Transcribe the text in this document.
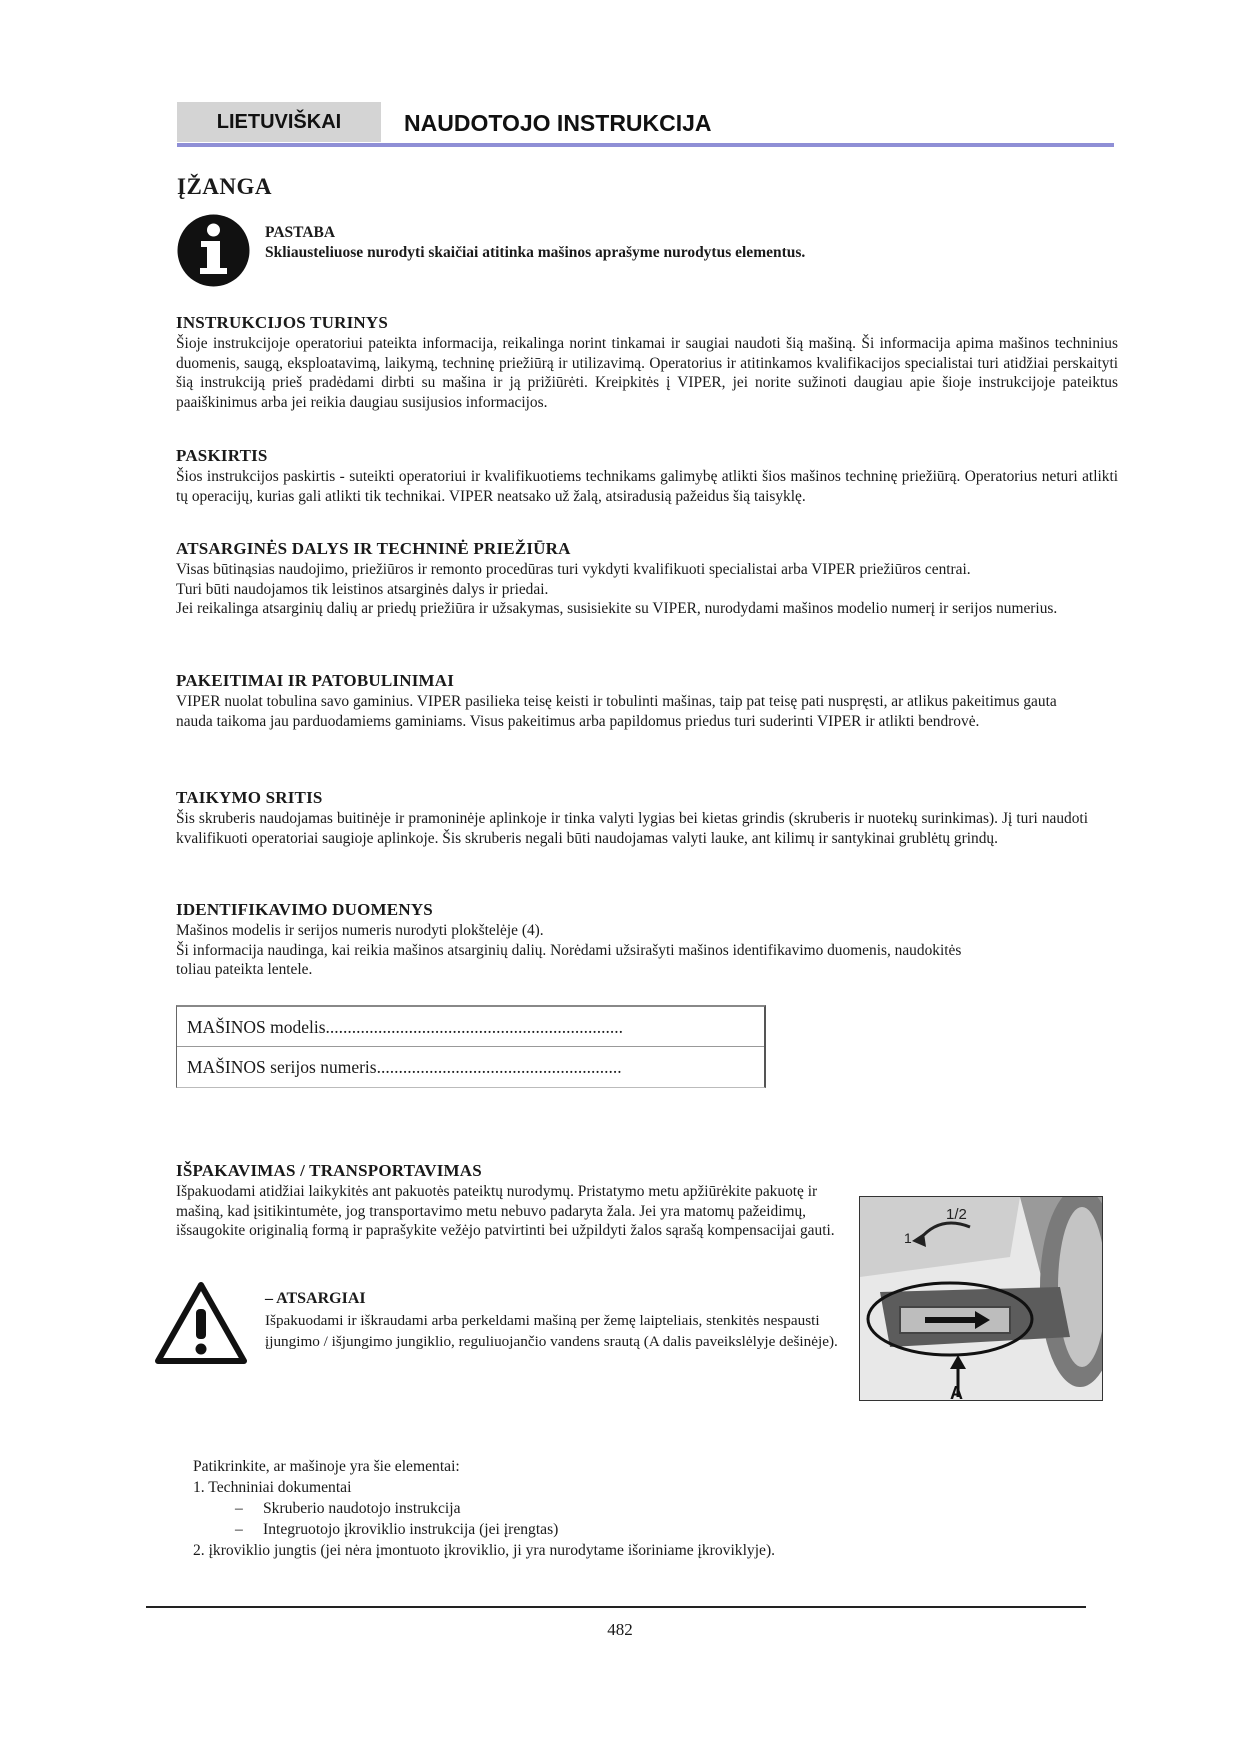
LIETUVIŠKAI	NAUDOTOJO INSTRUKCIJA
ĮŽANGA
PASTABA
Skliausteliuose nurodyti skaičiai atitinka mašinos aprašyme nurodytus elementus.
INSTRUKCIJOS TURINYS

Šioje instrukcijoje operatoriui pateikta informacija, reikalinga norint tinkamai ir saugiai naudoti šią mašiną. Ši informacija apima mašinos techninius duomenis, saugą, eksploatavimą, laikymą, techninę priežiūrą ir utilizavimą. Operatorius ir atitinkamos kvalifikacijos specialistai turi atidžiai perskaityti šią instrukciją prieš pradėdami dirbti su mašina ir ją prižiūrėti. Kreipkitės į VIPER, jei norite sužinoti daugiau apie šioje instrukcijoje pateiktus paaiškinimus arba jei reikia daugiau susijusios informacijos.

PASKIRTIS

Šios instrukcijos paskirtis - suteikti operatoriui ir kvalifikuotiems technikams galimybę atlikti šios mašinos techninę priežiūrą. Operatorius neturi atlikti tų operacijų, kurias gali atlikti tik technikai. VIPER neatsako už žalą, atsiradusią pažeidus šią taisyklę.

ATSARGINĖS DALYS IR TECHNINĖ PRIEŽIŪRA

Visas būtinąsias naudojimo, priežiūros ir remonto procedūras turi vykdyti kvalifikuoti specialistai arba VIPER priežiūros centrai.

Turi būti naudojamos tik leistinos atsarginės dalys ir priedai.

Jei reikalinga atsarginių dalių ar priedų priežiūra ir užsakymas, susisiekite su VIPER, nurodydami mašinos modelio numerį ir serijos numerius.

PAKEITIMAI IR PATOBULINIMAI

VIPER nuolat tobulina savo gaminius. VIPER pasilieka teisę keisti ir tobulinti mašinas, taip pat teisę pati nuspręsti, ar atlikus pakeitimus gauta nauda taikoma jau parduodamiems gaminiams. Visus pakeitimus arba papildomus priedus turi suderinti VIPER ir atlikti bendrovė.

TAIKYMO SRITIS

Šis skruberis naudojamas buitinėje ir pramoninėje aplinkoje ir tinka valyti lygias bei kietas grindis (skruberis ir nuotekų surinkimas). Jį turi naudoti kvalifikuoti operatoriai saugioje aplinkoje. Šis skruberis negali būti naudojamas valyti lauke, ant kilimų ir santykinai grublėtų grindų.

IDENTIFIKAVIMO DUOMENYS

Mašinos modelis ir serijos numeris nurodyti plokštelėje (4).

Ši informacija naudinga, kai reikia mašinos atsarginių dalių. Norėdami užsirašyti mašinos identifikavimo duomenis, naudokitės toliau pateikta lentele.

MAŠINOS modelis....................................................................
MAŠINOS serijos numeris........................................................
IŠPAKAVIMAS / TRANSPORTAVIMAS

Išpakuodami atidžiai laikykitės ant pakuotės pateiktų nurodymų. Pristatymo metu apžiūrėkite pakuotę ir mašiną, kad įsitikintumėte, jog transportavimo metu nebuvo padaryta žala. Jei yra matomų pažeidimų, išsaugokite originalią formą ir paprašykite vežėjo patvirtinti bei užpildyti žalos sąrašą kompensacijai gauti.

– ATSARGIAI

Išpakuodami ir iškraudami arba perkeldami mašiną per žemę laipteliais, stenkitės nespausti įjungimo / išjungimo jungiklio, reguliuojančio vandens srautą (A dalis paveikslėlyje dešinėje).

1/2
1
A
Patikrinkite, ar mašinoje yra šie elementai:
1. Techniniai dokumentai
– Skruberio naudotojo instrukcija
– Integruotojo įkroviklio instrukcija (jei įrengtas)
2. įkroviklio jungtis (jei nėra įmontuoto įkroviklio, ji yra nurodytame išoriniame įkroviklyje).
482
